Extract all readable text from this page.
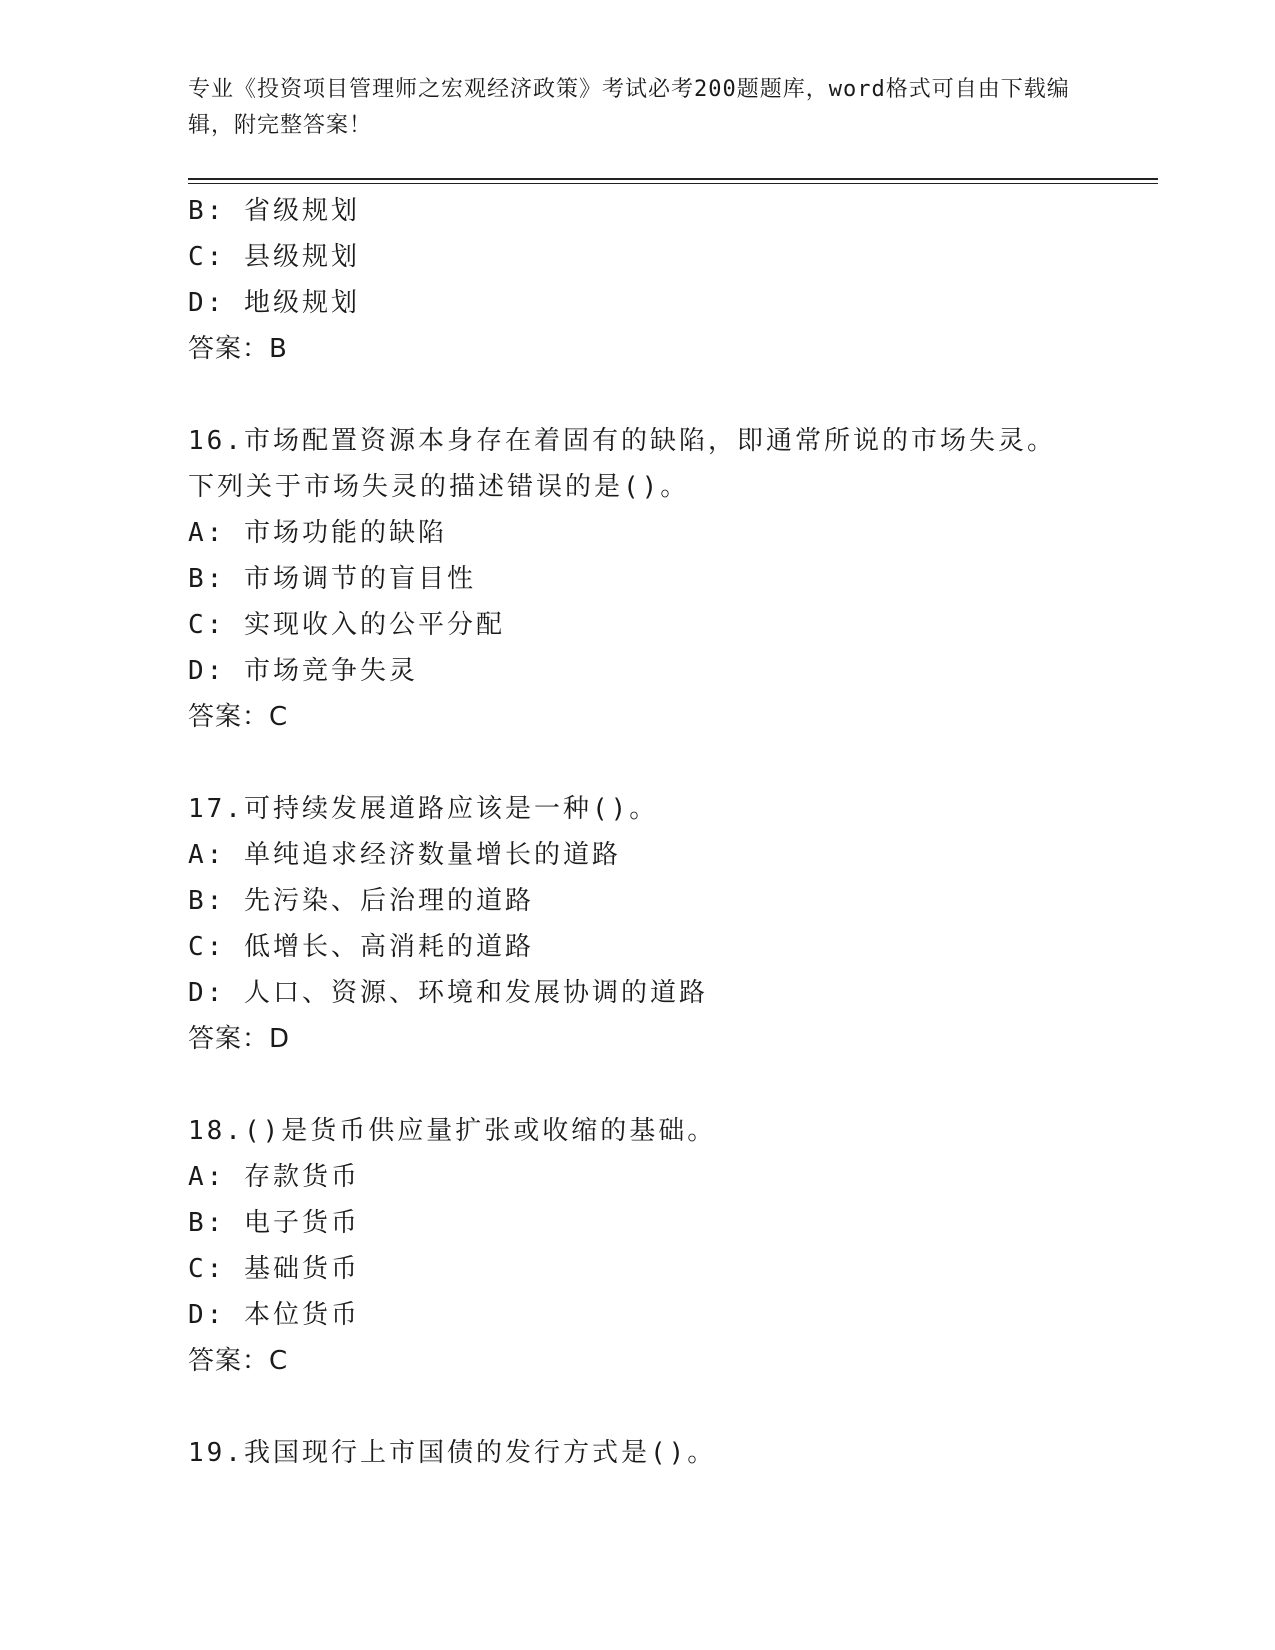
专业《投资项目管理师之宏观经济政策》考试必考200题题库，word格式可自由下载编辑，附完整答案！
B: 省级规划
C: 县级规划
D: 地级规划
答案：B
16.市场配置资源本身存在着固有的缺陷，即通常所说的市场失灵。下列关于市场失灵的描述错误的是()。
A: 市场功能的缺陷
B: 市场调节的盲目性
C: 实现收入的公平分配
D: 市场竞争失灵
答案：C
17.可持续发展道路应该是一种()。
A: 单纯追求经济数量增长的道路
B: 先污染、后治理的道路
C: 低增长、高消耗的道路
D: 人口、资源、环境和发展协调的道路
答案：D
18.()是货币供应量扩张或收缩的基础。
A: 存款货币
B: 电子货币
C: 基础货币
D: 本位货币
答案：C
19.我国现行上市国债的发行方式是()。
